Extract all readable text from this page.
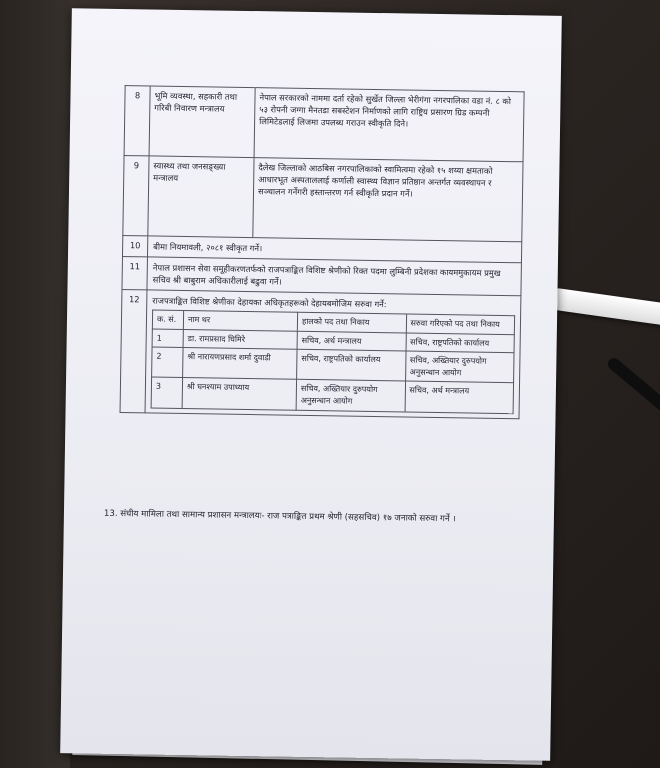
8	भूमि व्यवस्था, सहकारी तथा गरिबी निवारण मन्त्रालय	नेपाल सरकारको नाममा दर्ता रहेको सुर्खेत जिल्ला भेरीगंगा नगरपालिका वडा नं. ८ को ५३ रोपनी जग्गा मैनतडा सबस्टेशन निर्माणको लागि राष्ट्रिय प्रसारण ग्रिड कम्पनी लिमिटेडलाई लिजमा उपलब्ध गराउन स्वीकृति दिने।
9	स्वास्थ्य तथा जनसङ्ख्या मन्त्रालय	दैलेख जिल्लाको आठबिस नगरपालिकाको स्वामित्वमा रहेको १५ शय्या क्षमताको आधारभूत अस्पताललाई कर्णाली स्वास्थ्य विज्ञान प्रतिष्ठान अन्तर्गत व्यवस्थापन र सञ्चालन गर्नेगरी हस्तान्तरण गर्न स्वीकृति प्रदान गर्ने।
10	बीमा नियमावली, २०८१ स्वीकृत गर्ने।
11	नेपाल प्रशासन सेवा समूहीकरणतर्फको राजपत्राङ्कित विशिष्ट श्रेणीको रिक्त पदमा लुम्बिनी प्रदेशका कायममुकायम प्रमुख सचिव श्री बाबुराम अधिकारीलाई बढुवा गर्ने।
12	राजपत्राङ्कित विशिष्ट श्रेणीका देहायका अधिकृतहरूको देहायबमोजिम सरुवा गर्ने:
क. सं.	नाम थर	हालको पद तथा निकाय	सरुवा गरिएको पद तथा निकाय
1	डा. रामप्रसाद घिमिरे	सचिव, अर्थ मन्त्रालय	सचिव, राष्ट्रपतिको कार्यालय
2	श्री नारायणप्रसाद शर्मा दुवाडी	सचिव, राष्ट्रपतिको कार्यालय	सचिव, अख्तियार दुरुपयोग अनुसन्धान आयोग
3	श्री घनश्याम उपाध्याय	सचिव, अख्तियार दुरुपयोग अनुसन्धान आयोग	सचिव, अर्थ मन्त्रालय
13. संघीय मामिला तथा सामान्य प्रशासन मन्त्रालयः- राज पत्राङ्कित प्रथम श्रेणी (सहसचिव) १७ जनाको सरुवा गर्ने ।
